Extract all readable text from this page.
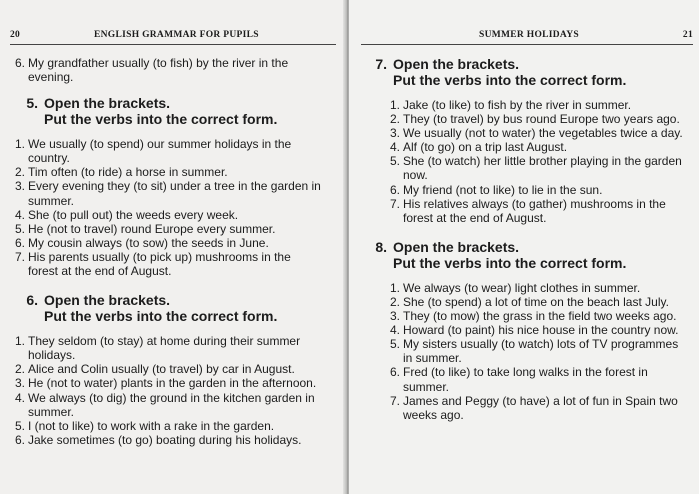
20	ENGLISH GRAMMAR FOR PUPILS

6. My grandfather usually (to fish) by the river in the evening.

5. Open the brackets.
Put the verbs into the correct form.

1. We usually (to spend) our summer holidays in the country.

2. Tim often (to ride) a horse in summer.

3. Every evening they (to sit) under a tree in the garden in summer.

4. She (to pull out) the weeds every week.

5. He (not to travel) round Europe every summer.

6. My cousin always (to sow) the seeds in June.

7. His parents usually (to pick up) mushrooms in the forest at the end of August.

6. Open the brackets.
Put the verbs into the correct form.

1. They seldom (to stay) at home during their summer holidays.

2. Alice and Colin usually (to travel) by car in August.

3. He (not to water) plants in the garden in the afternoon.

4. We always (to dig) the ground in the kitchen garden in summer.

5. I (not to like) to work with a rake in the garden.

6. Jake sometimes (to go) boating during his holidays.

SUMMER HOLIDAYS	21
7. Open the brackets.
Put the verbs into the correct form.

1. Jake (to like) to fish by the river in summer.

2. They (to travel) by bus round Europe two years ago.

3. We usually (not to water) the vegetables twice a day.

4. Alf (to go) on a trip last August.

5. She (to watch) her little brother playing in the garden now.

6. My friend (not to like) to lie in the sun.

7. His relatives always (to gather) mushrooms in the forest at the end of August.

8. Open the brackets.
Put the verbs into the correct form.

1. We always (to wear) light clothes in summer.

2. She (to spend) a lot of time on the beach last July.

3. They (to mow) the grass in the field two weeks ago.

4. Howard (to paint) his nice house in the country now.

5. My sisters usually (to watch) lots of TV programmes in summer.

6. Fred (to like) to take long walks in the forest in summer.

7. James and Peggy (to have) a lot of fun in Spain two weeks ago.
